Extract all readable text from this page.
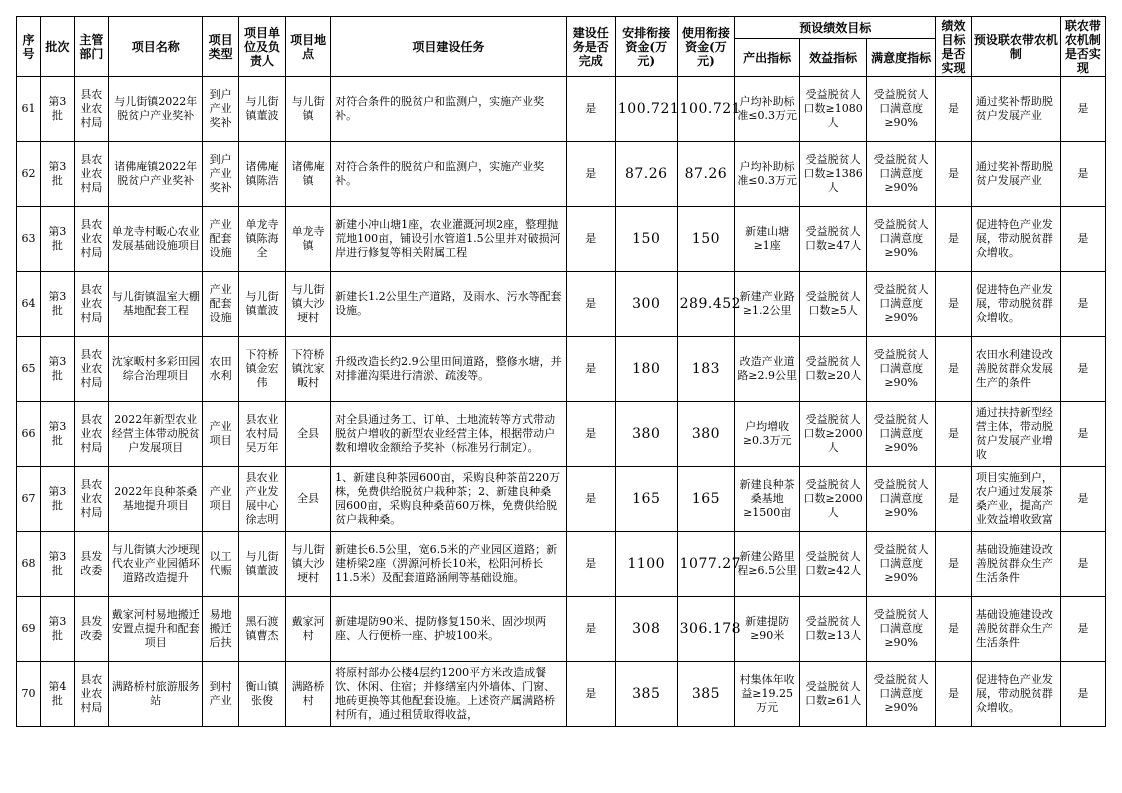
序号	批次	主管部门	项目名称	项目类型	项目单位及负责人	项目地点	项目建设任务	建设任务是否完成	安排衔接资金(万元)	使用衔接资金(万元)	预设绩效目标			绩效目标是否实现	预设联农带农机制	联农带农机制是否实现
											产出指标	效益指标	满意度指标			
61	第3批	县农业农村局	与儿街镇2022年脱贫户产业奖补	到户产业奖补	与儿街镇董波	与儿街镇	对符合条件的脱贫户和监测户，实施产业奖补。	是	100.721	100.721	户均补助标准≤0.3万元	受益脱贫人口数≥1080人	受益脱贫人口满意度≥90%	是	通过奖补帮助脱贫户发展产业	是
62	第3批	县农业农村局	诸佛庵镇2022年脱贫户产业奖补	到户产业奖补	诸佛庵镇陈浩	诸佛庵镇	对符合条件的脱贫户和监测户，实施产业奖补。	是	87.26	87.26	户均补助标准≤0.3万元	受益脱贫人口数≥1386人	受益脱贫人口满意度≥90%	是	通过奖补帮助脱贫户发展产业	是
63	第3批	县农业农村局	单龙寺村畈心农业发展基础设施项目	产业配套设施	单龙寺镇陈海全	单龙寺镇	新建小冲山塘1座，农业灌溉河坝2座，整理抛荒地100亩，铺设引水管道1.5公里并对破损河岸进行修复等相关附属工程	是	150	150	新建山塘≥1座	受益脱贫人口数≥47人	受益脱贫人口满意度≥90%	是	促进特色产业发展，带动脱贫群众增收。	是
64	第3批	县农业农村局	与儿街镇温室大棚基地配套工程	产业配套设施	与儿街镇董波	与儿街镇大沙埂村	新建长1.2公里生产道路，及雨水、污水等配套设施。	是	300	289.452	新建产业路≥1.2公里	受益脱贫人口数≥5人	受益脱贫人口满意度≥90%	是	促进特色产业发展，带动脱贫群众增收。	是
65	第3批	县农业农村局	沈家畈村多彩田园综合治理项目	农田水利	下符桥镇金宏伟	下符桥镇沈家畈村	升级改造长约2.9公里田间道路，整修水塘，并对排灌沟渠进行清淤、疏浚等。	是	180	183	改造产业道路≥2.9公里	受益脱贫人口数≥20人	受益脱贫人口满意度≥90%	是	农田水利建设改善脱贫群众发展生产的条件	是
66	第3批	县农业农村局	2022年新型农业经营主体带动脱贫户发展项目	产业项目	县农业农村局吴万年	全县	对全县通过务工、订单、土地流转等方式带动脱贫户增收的新型农业经营主体，根据带动户数和增收金额给予奖补（标准另行制定）。	是	380	380	户均增收≥0.3万元	受益脱贫人口数≥2000人	受益脱贫人口满意度≥90%	是	通过扶持新型经营主体，带动脱贫户发展产业增收	是
67	第3批	县农业农村局	2022年良种茶桑基地提升项目	产业项目	县农业产业发展中心徐志明	全县	1、新建良种茶园600亩，采购良种茶苗220万株，免费供给脱贫户栽种茶；2、新建良种桑园600亩，采购良种桑苗60万株，免费供给脱贫户栽种桑。	是	165	165	新建良种茶桑基地≥1500亩	受益脱贫人口数≥2000人	受益脱贫人口满意度≥90%	是	项目实施到户，农户通过发展茶桑产业，提高产业效益增收致富	是
68	第3批	县发改委	与儿街镇大沙埂现代农业产业园循环道路改造提升	以工代赈	与儿街镇董波	与儿街镇大沙埂村	新建长6.5公里，宽6.5米的产业园区道路；新建桥梁2座（淠源河桥长10米，松阳河桥长11.5米）及配套道路涵闸等基础设施。	是	1100	1077.27	新建公路里程≥6.5公里	受益脱贫人口数≥42人	受益脱贫人口满意度≥90%	是	基础设施建设改善脱贫群众生产生活条件	是
69	第3批	县发改委	戴家河村易地搬迁安置点提升和配套项目	易地搬迁后扶	黑石渡镇曹杰	戴家河村	新建堤防90米、提防修复150米、固沙坝两座、人行便桥一座、护坡100米。	是	308	306.178	新建提防≥90米	受益脱贫人口数≥13人	受益脱贫人口满意度≥90%	是	基础设施建设改善脱贫群众生产生活条件	是
70	第4批	县农业农村局	满路桥村旅游服务站	到村产业	衡山镇张俊	满路桥村	将原村部办公楼4层约1200平方米改造成餐饮、休闲、住宿；并修缮室内外墙体、门窗、地砖更换等其他配套设施。上述资产属满路桥村所有，通过租赁取得收益，	是	385	385	村集体年收益≥19.25万元	受益脱贫人口数≥61人	受益脱贫人口满意度≥90%	是	促进特色产业发展，带动脱贫群众增收。	是
